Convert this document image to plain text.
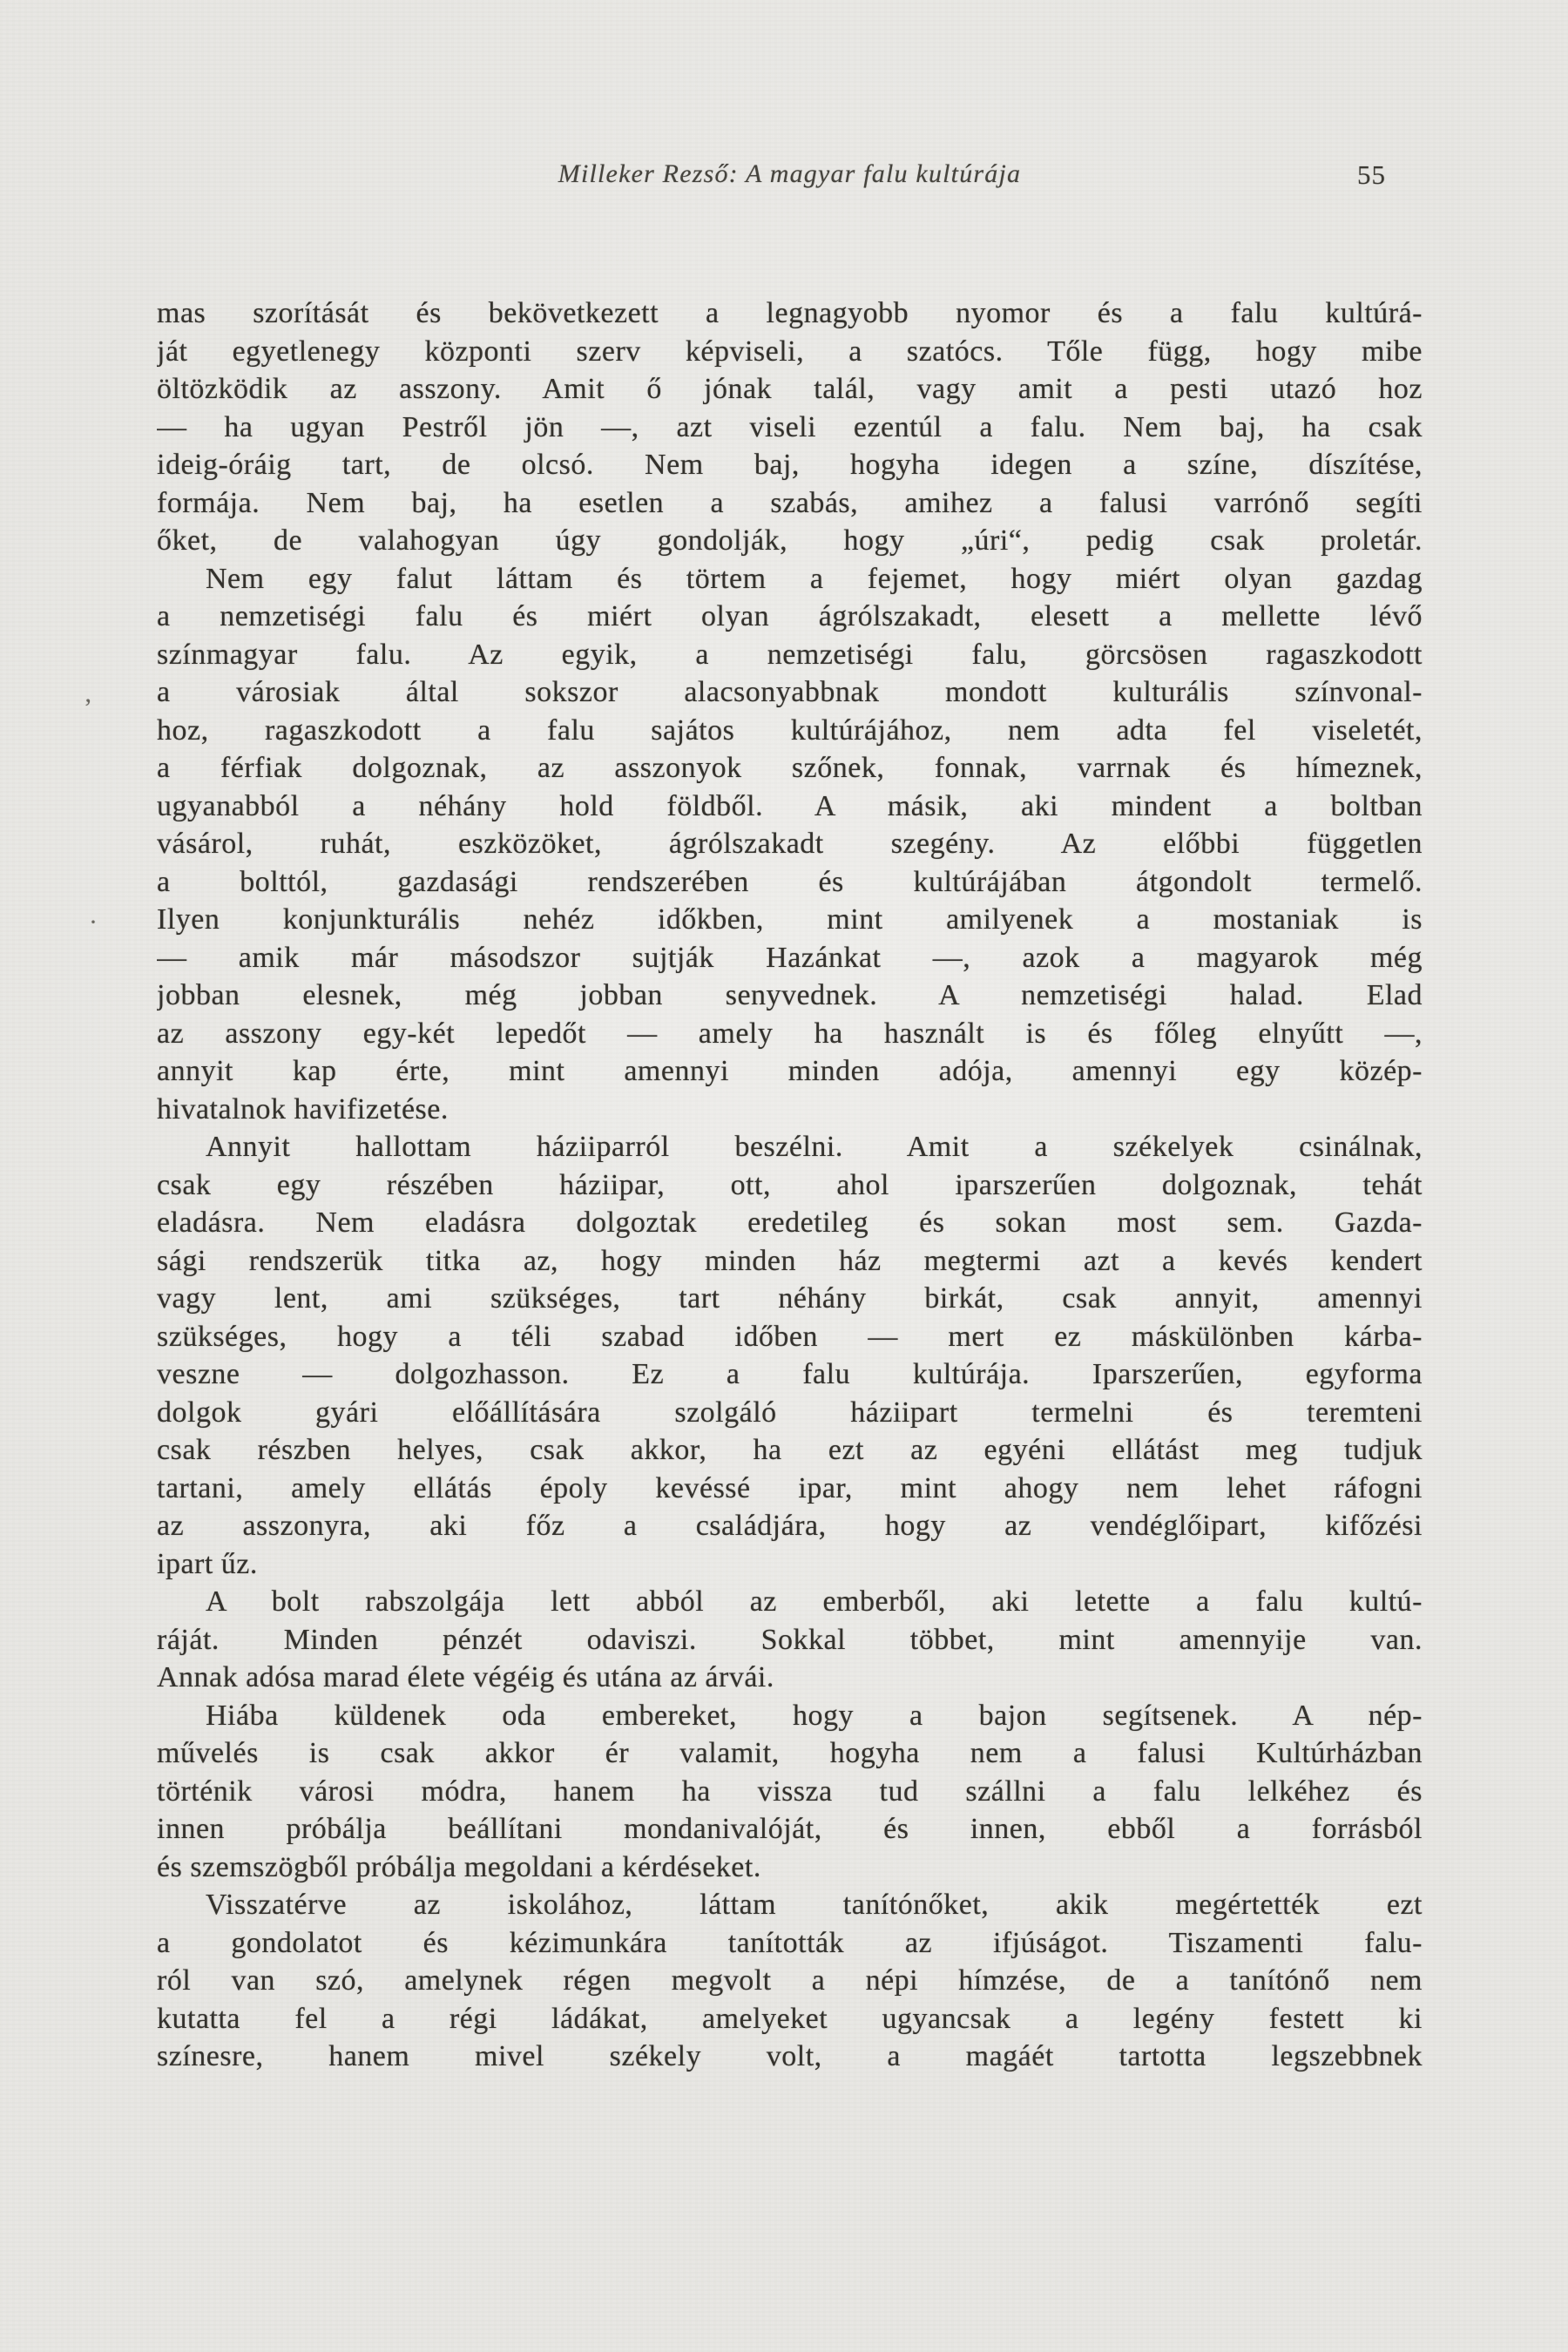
Milleker Rezső: A magyar falu kultúrája	55
mas szorítását és bekövetkezett a legnagyobb nyomor és a falu kultúrá-
ját egyetlenegy központi szerv képviseli, a szatócs. Tőle függ, hogy mibe
öltözködik az asszony. Amit ő jónak talál, vagy amit a pesti utazó hoz
— ha ugyan Pestről jön —, azt viseli ezentúl a falu. Nem baj, ha csak
ideig-óráig tart, de olcsó. Nem baj, hogyha idegen a színe, díszítése,
formája. Nem baj, ha esetlen a szabás, amihez a falusi varrónő segíti
őket, de valahogyan úgy gondolják, hogy „úri“, pedig csak proletár.
Nem egy falut láttam és törtem a fejemet, hogy miért olyan gazdag
a nemzetiségi falu és miért olyan ágrólszakadt, elesett a mellette lévő
színmagyar falu. Az egyik, a nemzetiségi falu, görcsösen ragaszkodott
a városiak által sokszor alacsonyabbnak mondott kulturális színvonal-
hoz, ragaszkodott a falu sajátos kultúrájához, nem adta fel viseletét,
a férfiak dolgoznak, az asszonyok szőnek, fonnak, varrnak és hímeznek,
ugyanabból a néhány hold földből. A másik, aki mindent a boltban
vásárol, ruhát, eszközöket, ágrólszakadt szegény. Az előbbi független
a bolttól, gazdasági rendszerében és kultúrájában átgondolt termelő.
Ilyen konjunkturális nehéz időkben, mint amilyenek a mostaniak is
— amik már másodszor sujtják Hazánkat —, azok a magyarok még
jobban elesnek, még jobban senyvednek. A nemzetiségi halad. Elad
az asszony egy-két lepedőt — amely ha használt is és főleg elnyűtt —,
annyit kap érte, mint amennyi minden adója, amennyi egy közép-
hivatalnok havifizetése.
Annyit hallottam háziiparról beszélni. Amit a székelyek csinálnak,
csak egy részében háziipar, ott, ahol iparszerűen dolgoznak, tehát
eladásra. Nem eladásra dolgoztak eredetileg és sokan most sem. Gazda-
sági rendszerük titka az, hogy minden ház megtermi azt a kevés kendert
vagy lent, ami szükséges, tart néhány birkát, csak annyit, amennyi
szükséges, hogy a téli szabad időben — mert ez máskülönben kárba-
veszne — dolgozhasson. Ez a falu kultúrája. Iparszerűen, egyforma
dolgok gyári előállítására szolgáló háziipart termelni és teremteni
csak részben helyes, csak akkor, ha ezt az egyéni ellátást meg tudjuk
tartani, amely ellátás époly kevéssé ipar, mint ahogy nem lehet ráfogni
az asszonyra, aki főz a családjára, hogy az vendéglőipart, kifőzési
ipart űz.
A bolt rabszolgája lett abból az emberből, aki letette a falu kultú-
ráját. Minden pénzét odaviszi. Sokkal többet, mint amennyije van.
Annak adósa marad élete végéig és utána az árvái.
Hiába küldenek oda embereket, hogy a bajon segítsenek. A nép-
művelés is csak akkor ér valamit, hogyha nem a falusi Kultúrházban
történik városi módra, hanem ha vissza tud szállni a falu lelkéhez és
innen próbálja beállítani mondanivalóját, és innen, ebből a forrásból
és szemszögből próbálja megoldani a kérdéseket.
Visszatérve az iskolához, láttam tanítónőket, akik megértették ezt
a gondolatot és kézimunkára tanították az ifjúságot. Tiszamenti falu-
ról van szó, amelynek régen megvolt a népi hímzése, de a tanítónő nem
kutatta fel a régi ládákat, amelyeket ugyancsak a legény festett ki
színesre, hanem mivel székely volt, a magáét tartotta legszebbnek
’
·
